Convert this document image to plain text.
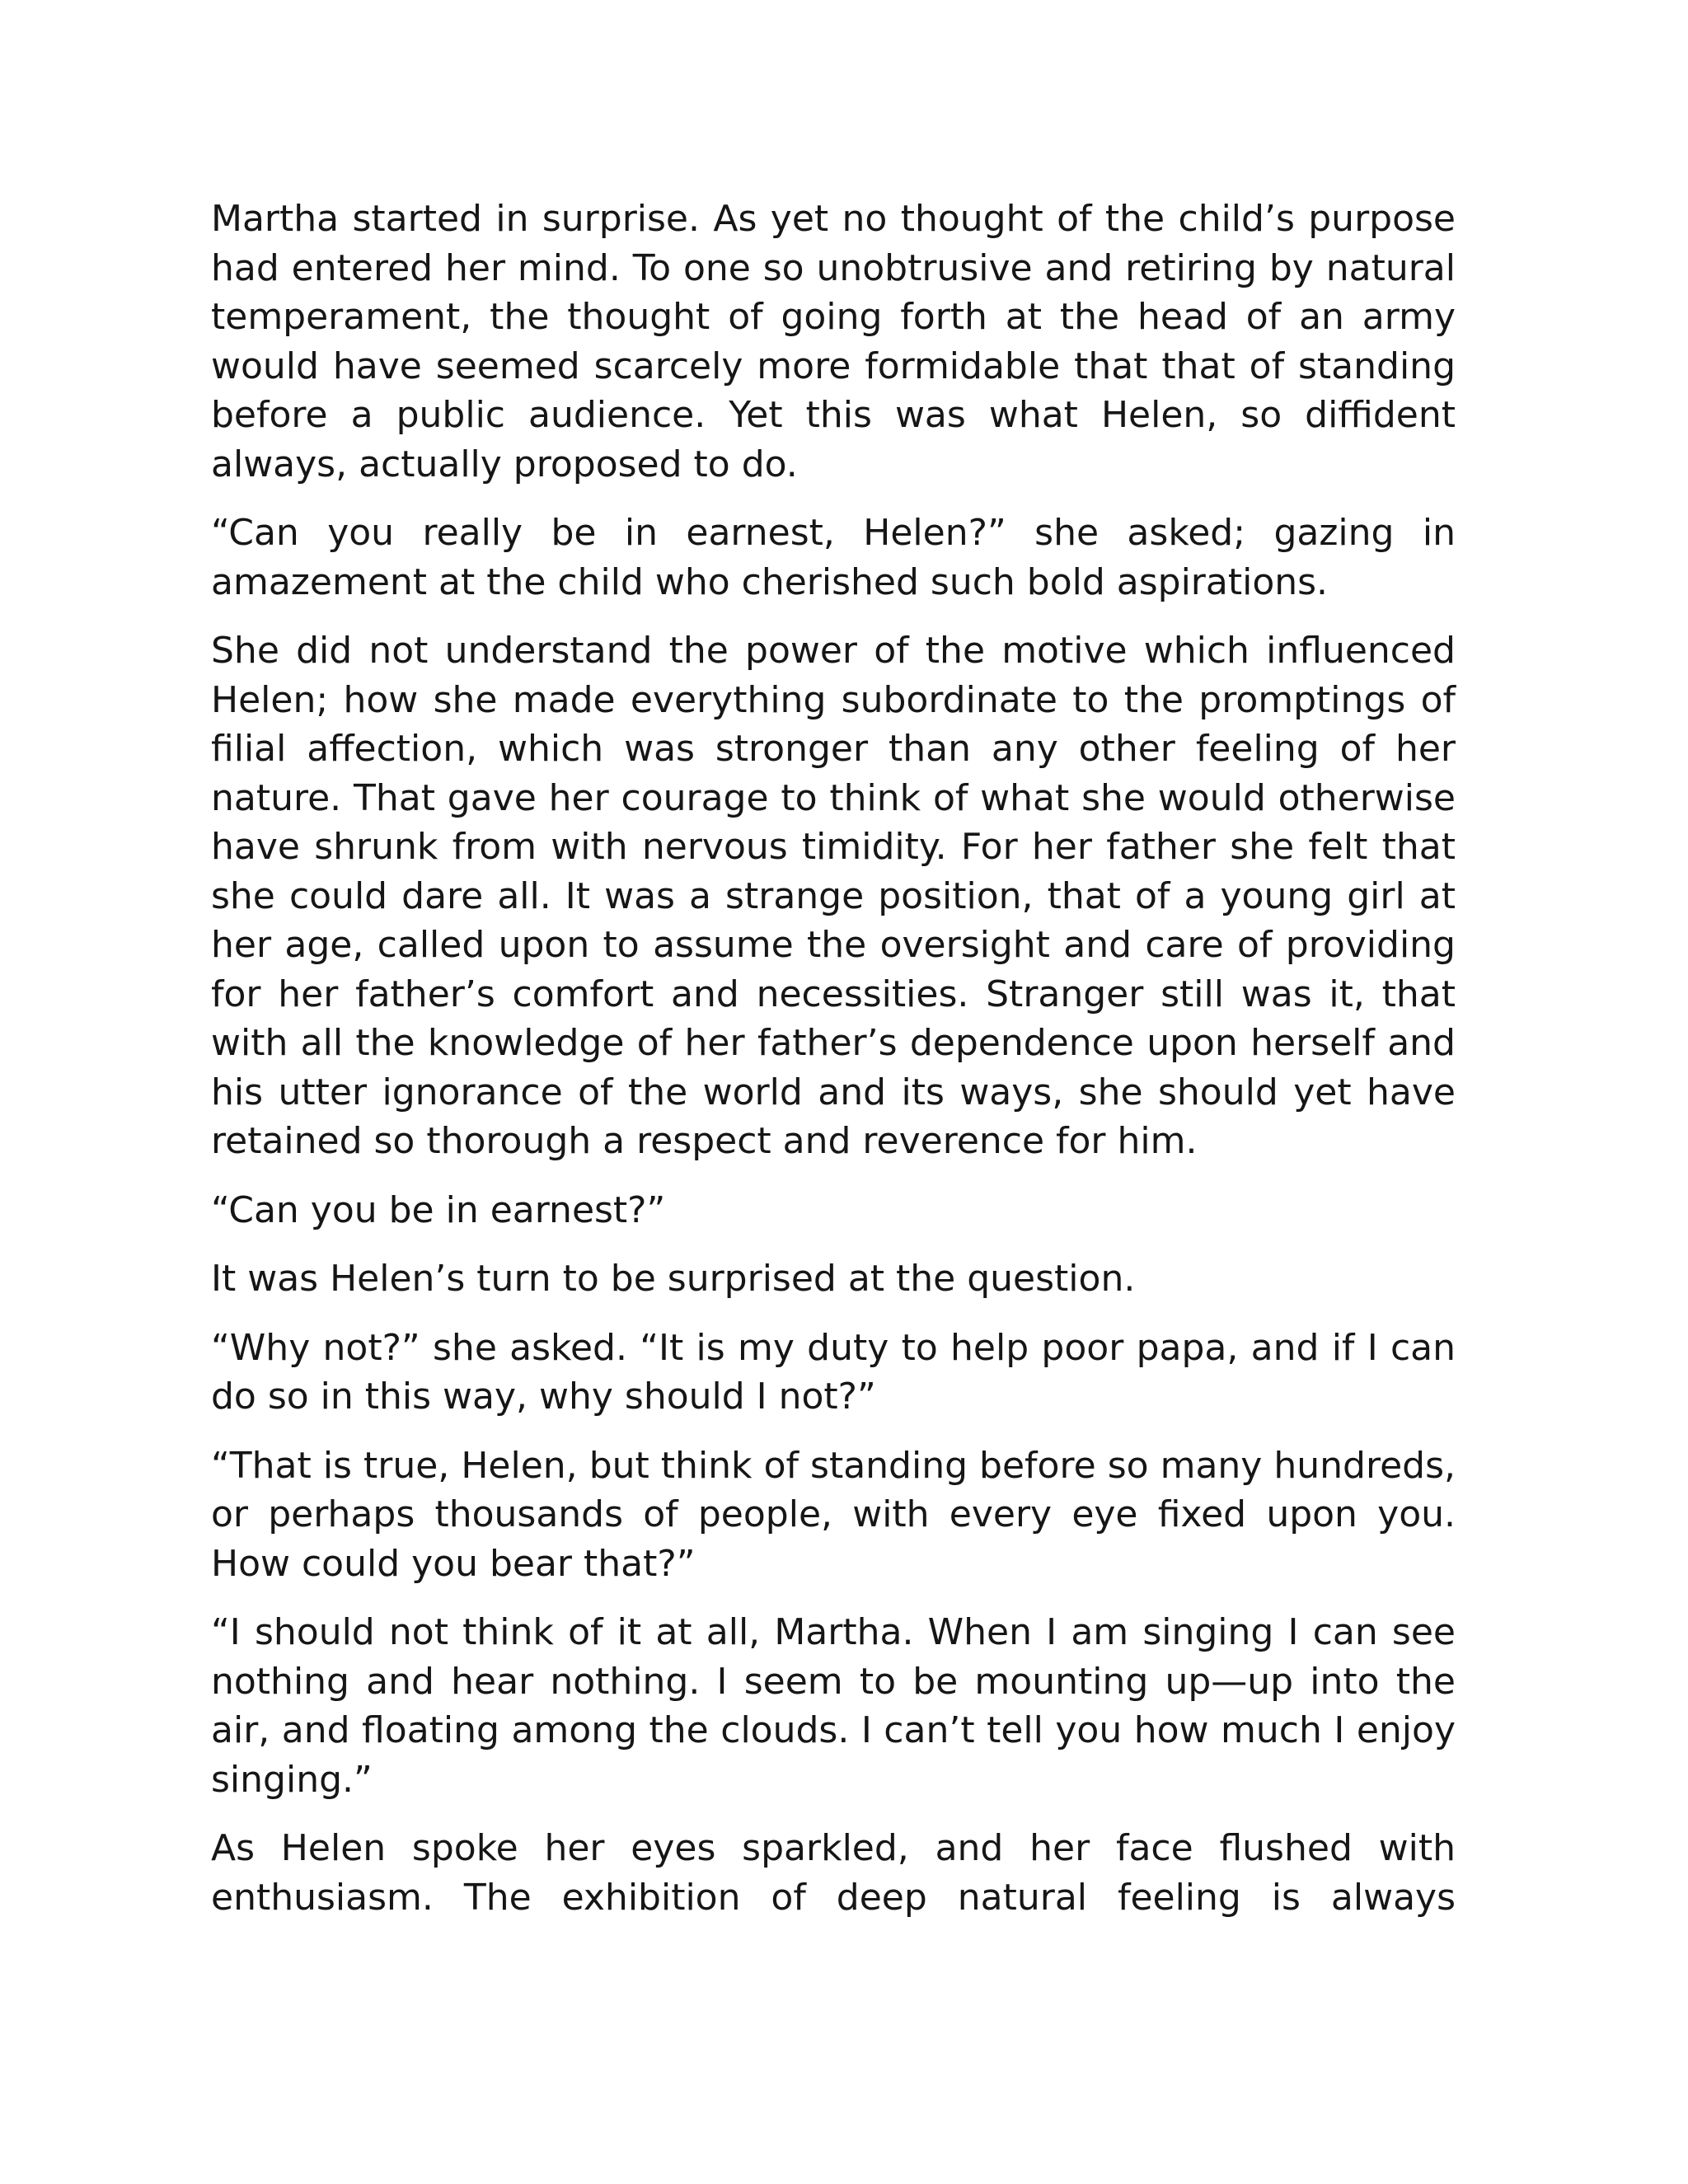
Martha started in surprise. As yet no thought of the child’s purpose had entered her mind. To one so unobtrusive and retiring by natural temperament, the thought of going forth at the head of an army would have seemed scarcely more formidable that that of standing before a public audience. Yet this was what Helen, so diffident always, actually proposed to do.

“Can you really be in earnest, Helen?” she asked; gazing in amazement at the child who cherished such bold aspirations.

She did not understand the power of the motive which influenced Helen; how she made everything subordinate to the promptings of filial affection, which was stronger than any other feeling of her nature. That gave her courage to think of what she would otherwise have shrunk from with nervous timidity. For her father she felt that she could dare all. It was a strange position, that of a young girl at her age, called upon to assume the oversight and care of providing for her father’s comfort and necessities. Stranger still was it, that with all the knowledge of her father’s dependence upon herself and his utter ignorance of the world and its ways, she should yet have retained so thorough a respect and reverence for him.

“Can you be in earnest?”

It was Helen’s turn to be surprised at the question.

“Why not?” she asked. “It is my duty to help poor papa, and if I can do so in this way, why should I not?”

“That is true, Helen, but think of standing before so many hundreds, or perhaps thousands of people, with every eye fixed upon you. How could you bear that?”

“I should not think of it at all, Martha. When I am singing I can see nothing and hear nothing. I seem to be mounting up—up into the air, and floating among the clouds. I can’t tell you how much I enjoy singing.”

As Helen spoke her eyes sparkled, and her face flushed with enthusiasm. The exhibition of deep natural feeling is always
